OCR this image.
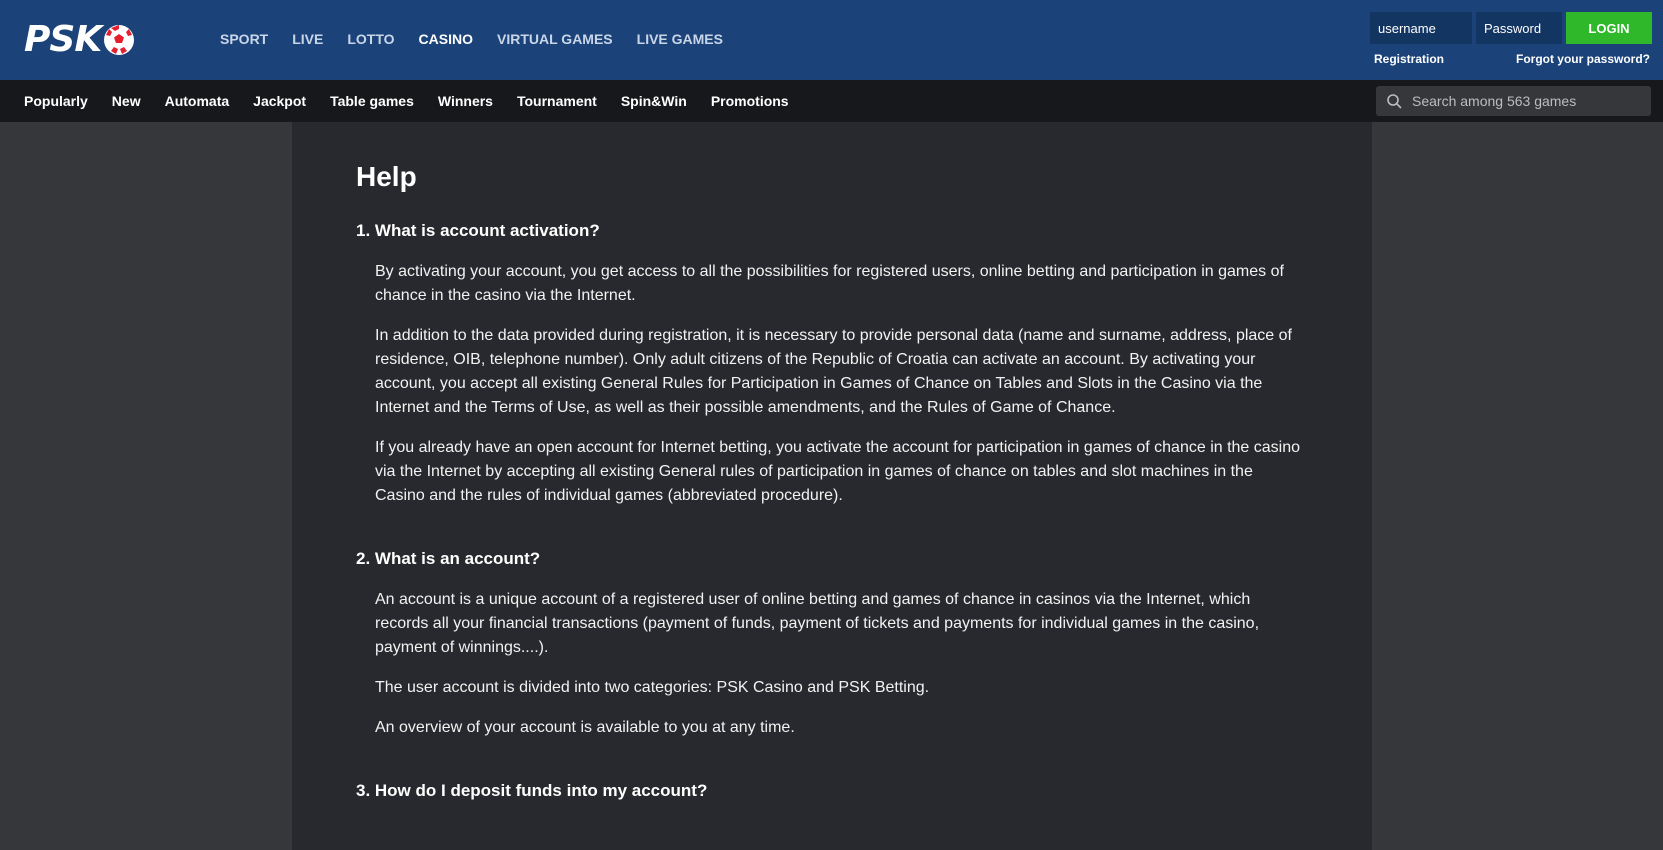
PSK	SPORT LIVE LOTTO CASINO VIRTUAL GAMES LIVE GAMES
username
LOGIN
Registration	Forgot your password?
Popularly New Automata Jackpot Table games Winners Tournament Spin&Win Promotions
Search among 563 games
Help
1. What is account activation?

By activating your account, you get access to all the possibilities for registered users, online betting and participation in games of chance in the casino via the Internet.

In addition to the data provided during registration, it is necessary to provide personal data (name and surname, address, place of residence, OIB, telephone number). Only adult citizens of the Republic of Croatia can activate an account. By activating your account, you accept all existing General Rules for Participation in Games of Chance on Tables and Slots in the Casino via the Internet and the Terms of Use, as well as their possible amendments, and the Rules of Game of Chance.

If you already have an open account for Internet betting, you activate the account for participation in games of chance in the casino via the Internet by accepting all existing General rules of participation in games of chance on tables and slot machines in the Casino and the rules of individual games (abbreviated procedure).

2. What is an account?

An account is a unique account of a registered user of online betting and games of chance in casinos via the Internet, which records all your financial transactions (payment of funds, payment of tickets and payments for individual games in the casino, payment of winnings....).

The user account is divided into two categories: PSK Casino and PSK Betting.

An overview of your account is available to you at any time.

3. How do I deposit funds into my account?
